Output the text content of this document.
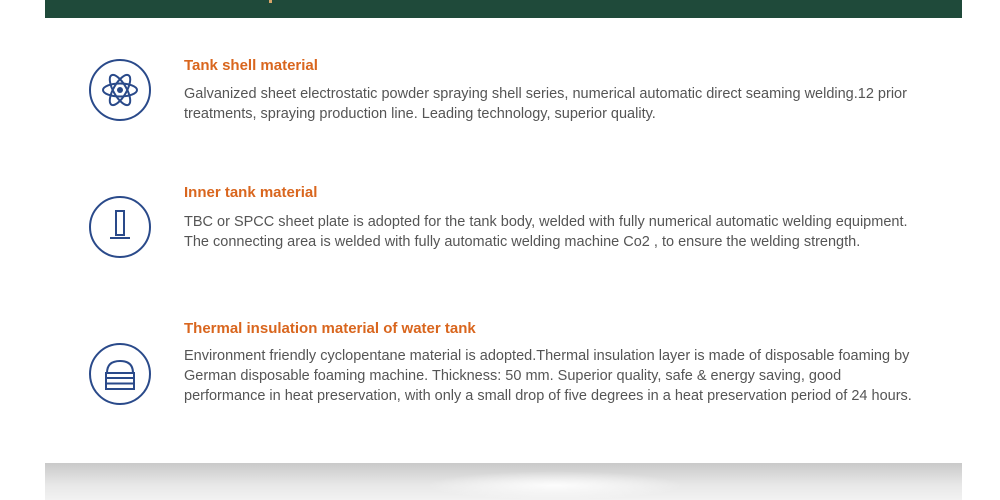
Tank shell material
Galvanized sheet electrostatic powder spraying shell series, numerical automatic direct seaming welding.12 prior treatments, spraying production line. Leading technology, superior quality.
Inner tank material
TBC or SPCC sheet plate is adopted for the tank body, welded with fully numerical automatic welding equipment. The connecting area is welded with fully automatic welding machine Co2 , to ensure the welding strength.
Thermal insulation material of water tank
Environment friendly cyclopentane material is adopted.Thermal insulation layer is made of disposable foaming by German disposable foaming machine. Thickness: 50 mm. Superior quality, safe & energy saving, good performance in heat preservation, with only a small drop of five degrees in a heat preservation period of 24 hours.
